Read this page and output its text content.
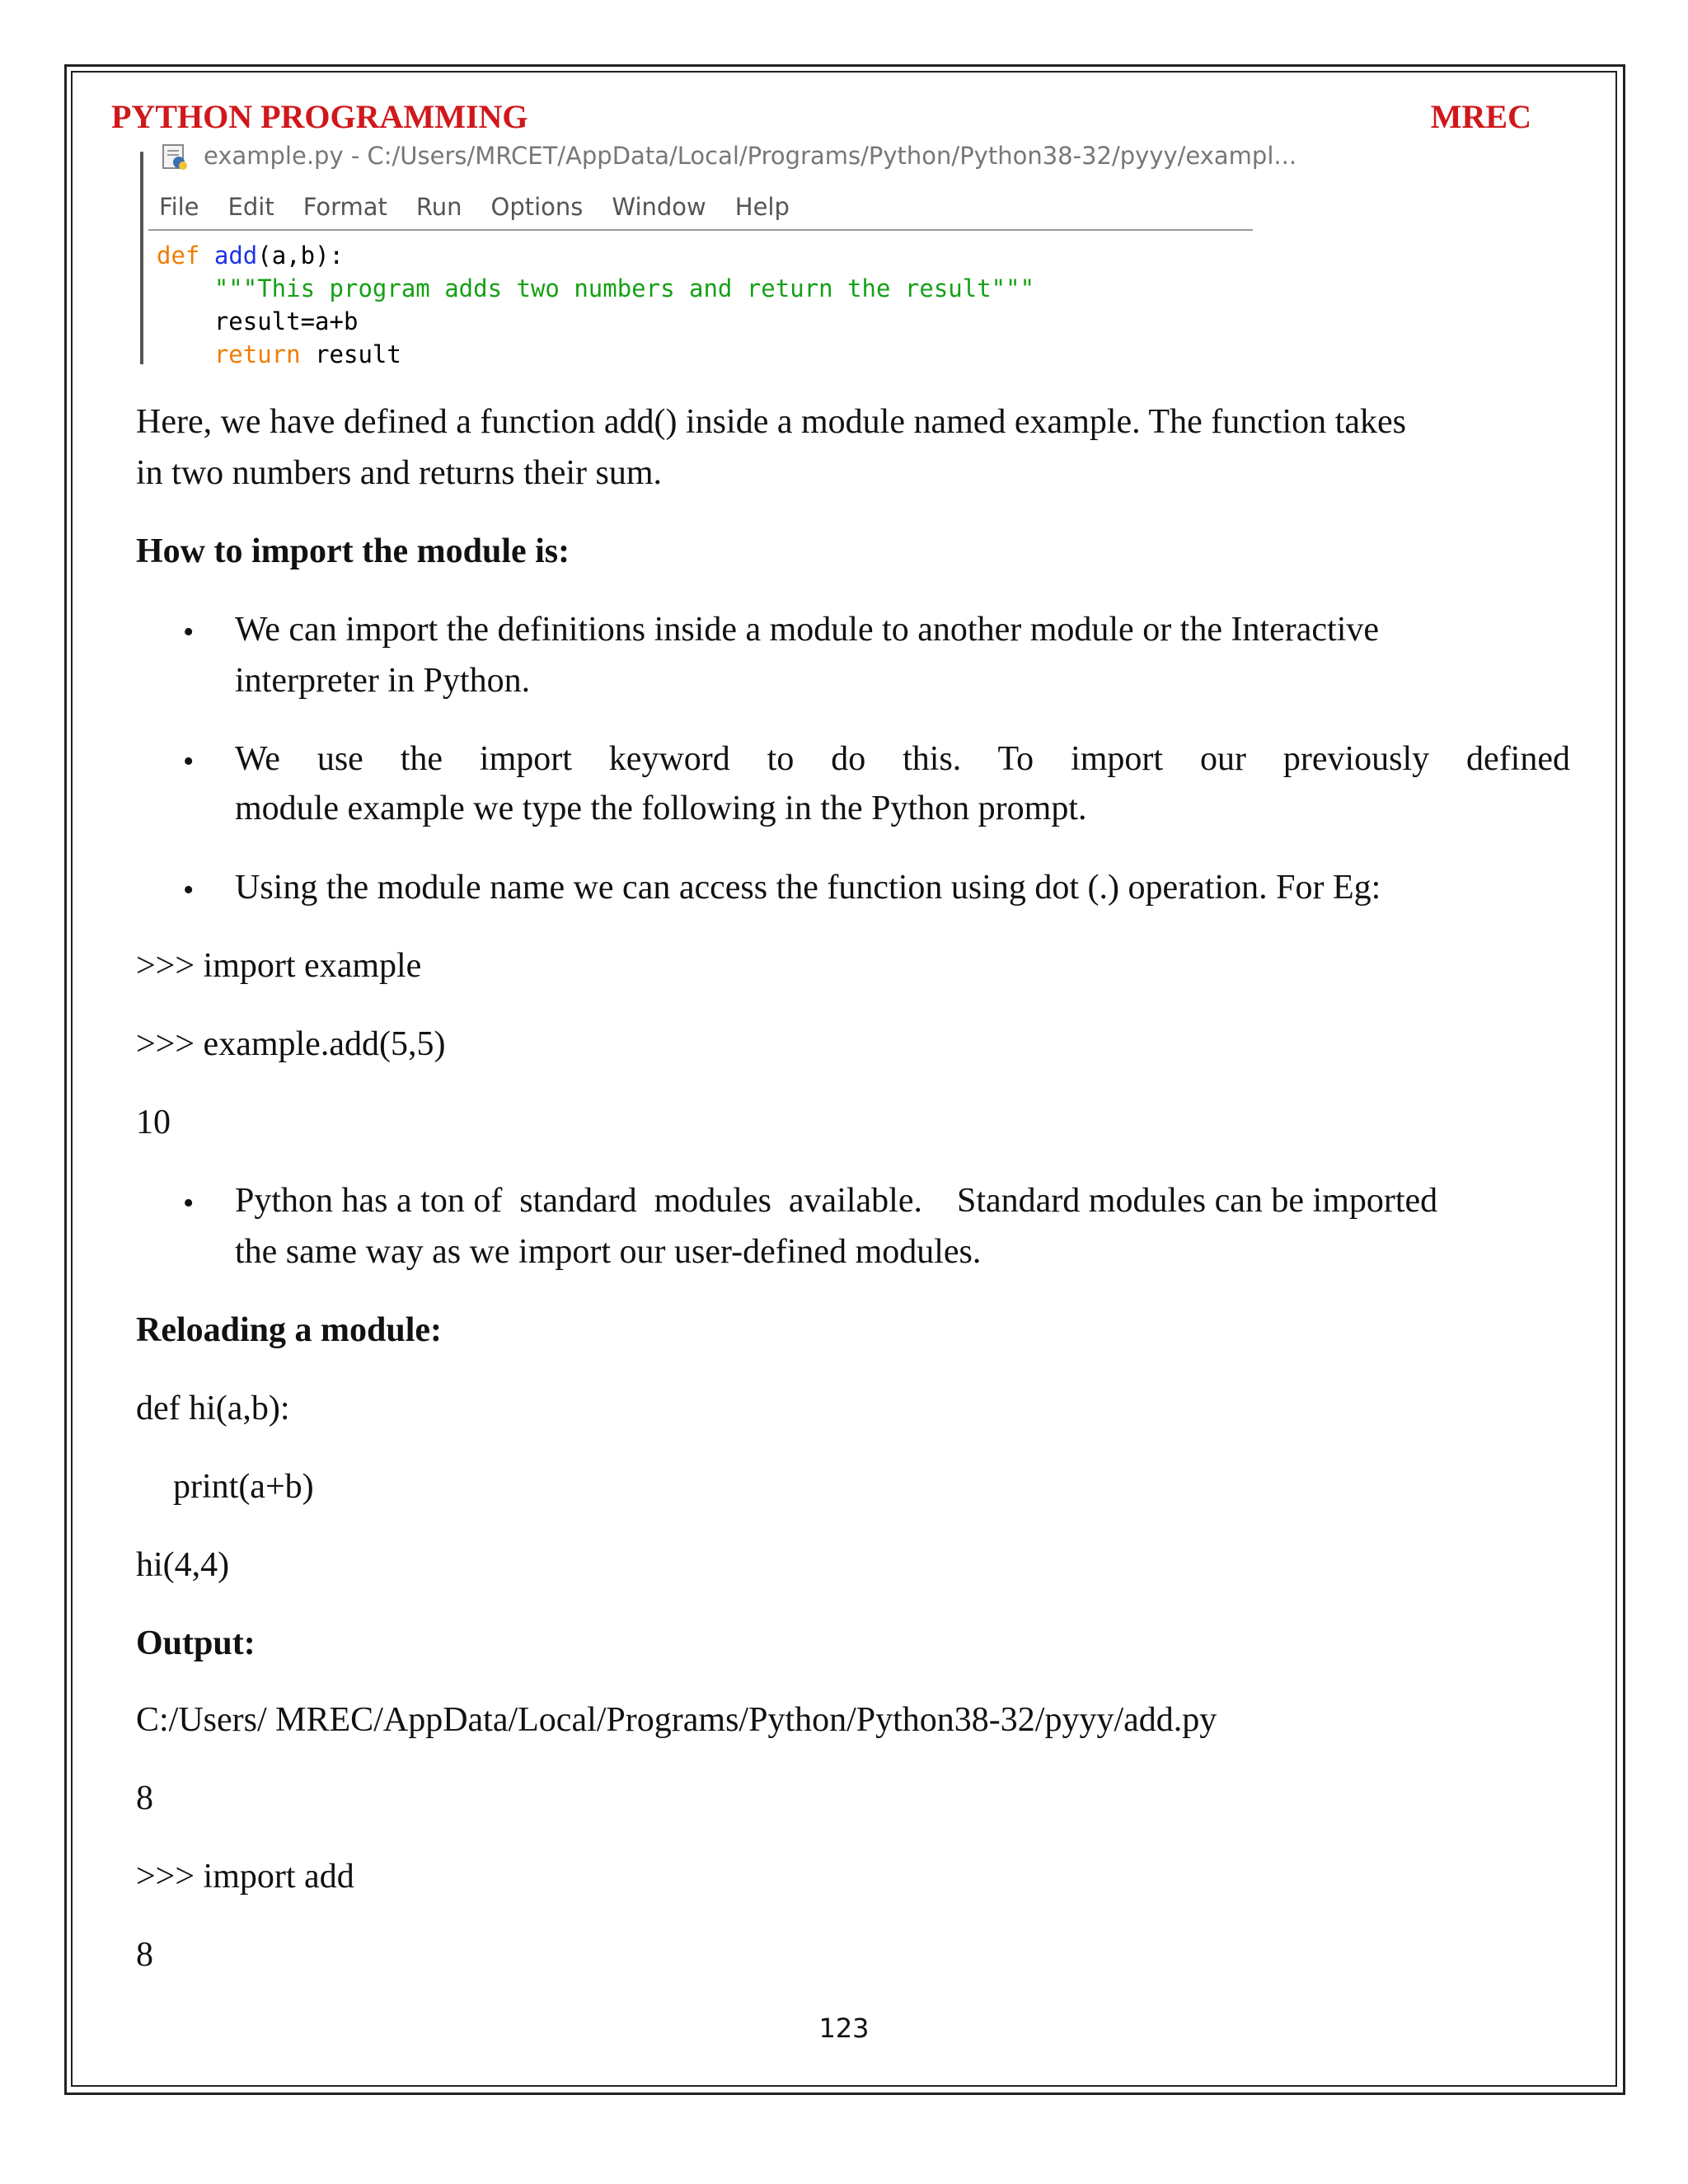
PYTHON PROGRAMMING	MREC
example.py - C:/Users/MRCET/AppData/Local/Programs/Python/Python38-32/pyyy/exampl...
File Edit Format Run Options Window Help
def add(a,b):
"""This program adds two numbers and return the result"""
result=a+b
return result
Here, we have defined a function add() inside a module named example. The function takes
in two numbers and returns their sum.
How to import the module is:
• We can import the definitions inside a module to another module or the Interactive
interpreter in Python.
• We use the import keyword to do this. To import our previously defined
module example we type the following in the Python prompt.
• Using the module name we can access the function using dot (.) operation. For Eg:
>>> import example
>>> example.add(5,5)
10
• Python has a ton of  standard  modules  available.    Standard modules can be imported
the same way as we import our user-defined modules.
Reloading a module:
def hi(a,b):
print(a+b)
hi(4,4)
Output:
C:/Users/ MREC/AppData/Local/Programs/Python/Python38-32/pyyy/add.py
8
>>> import add
8
123
